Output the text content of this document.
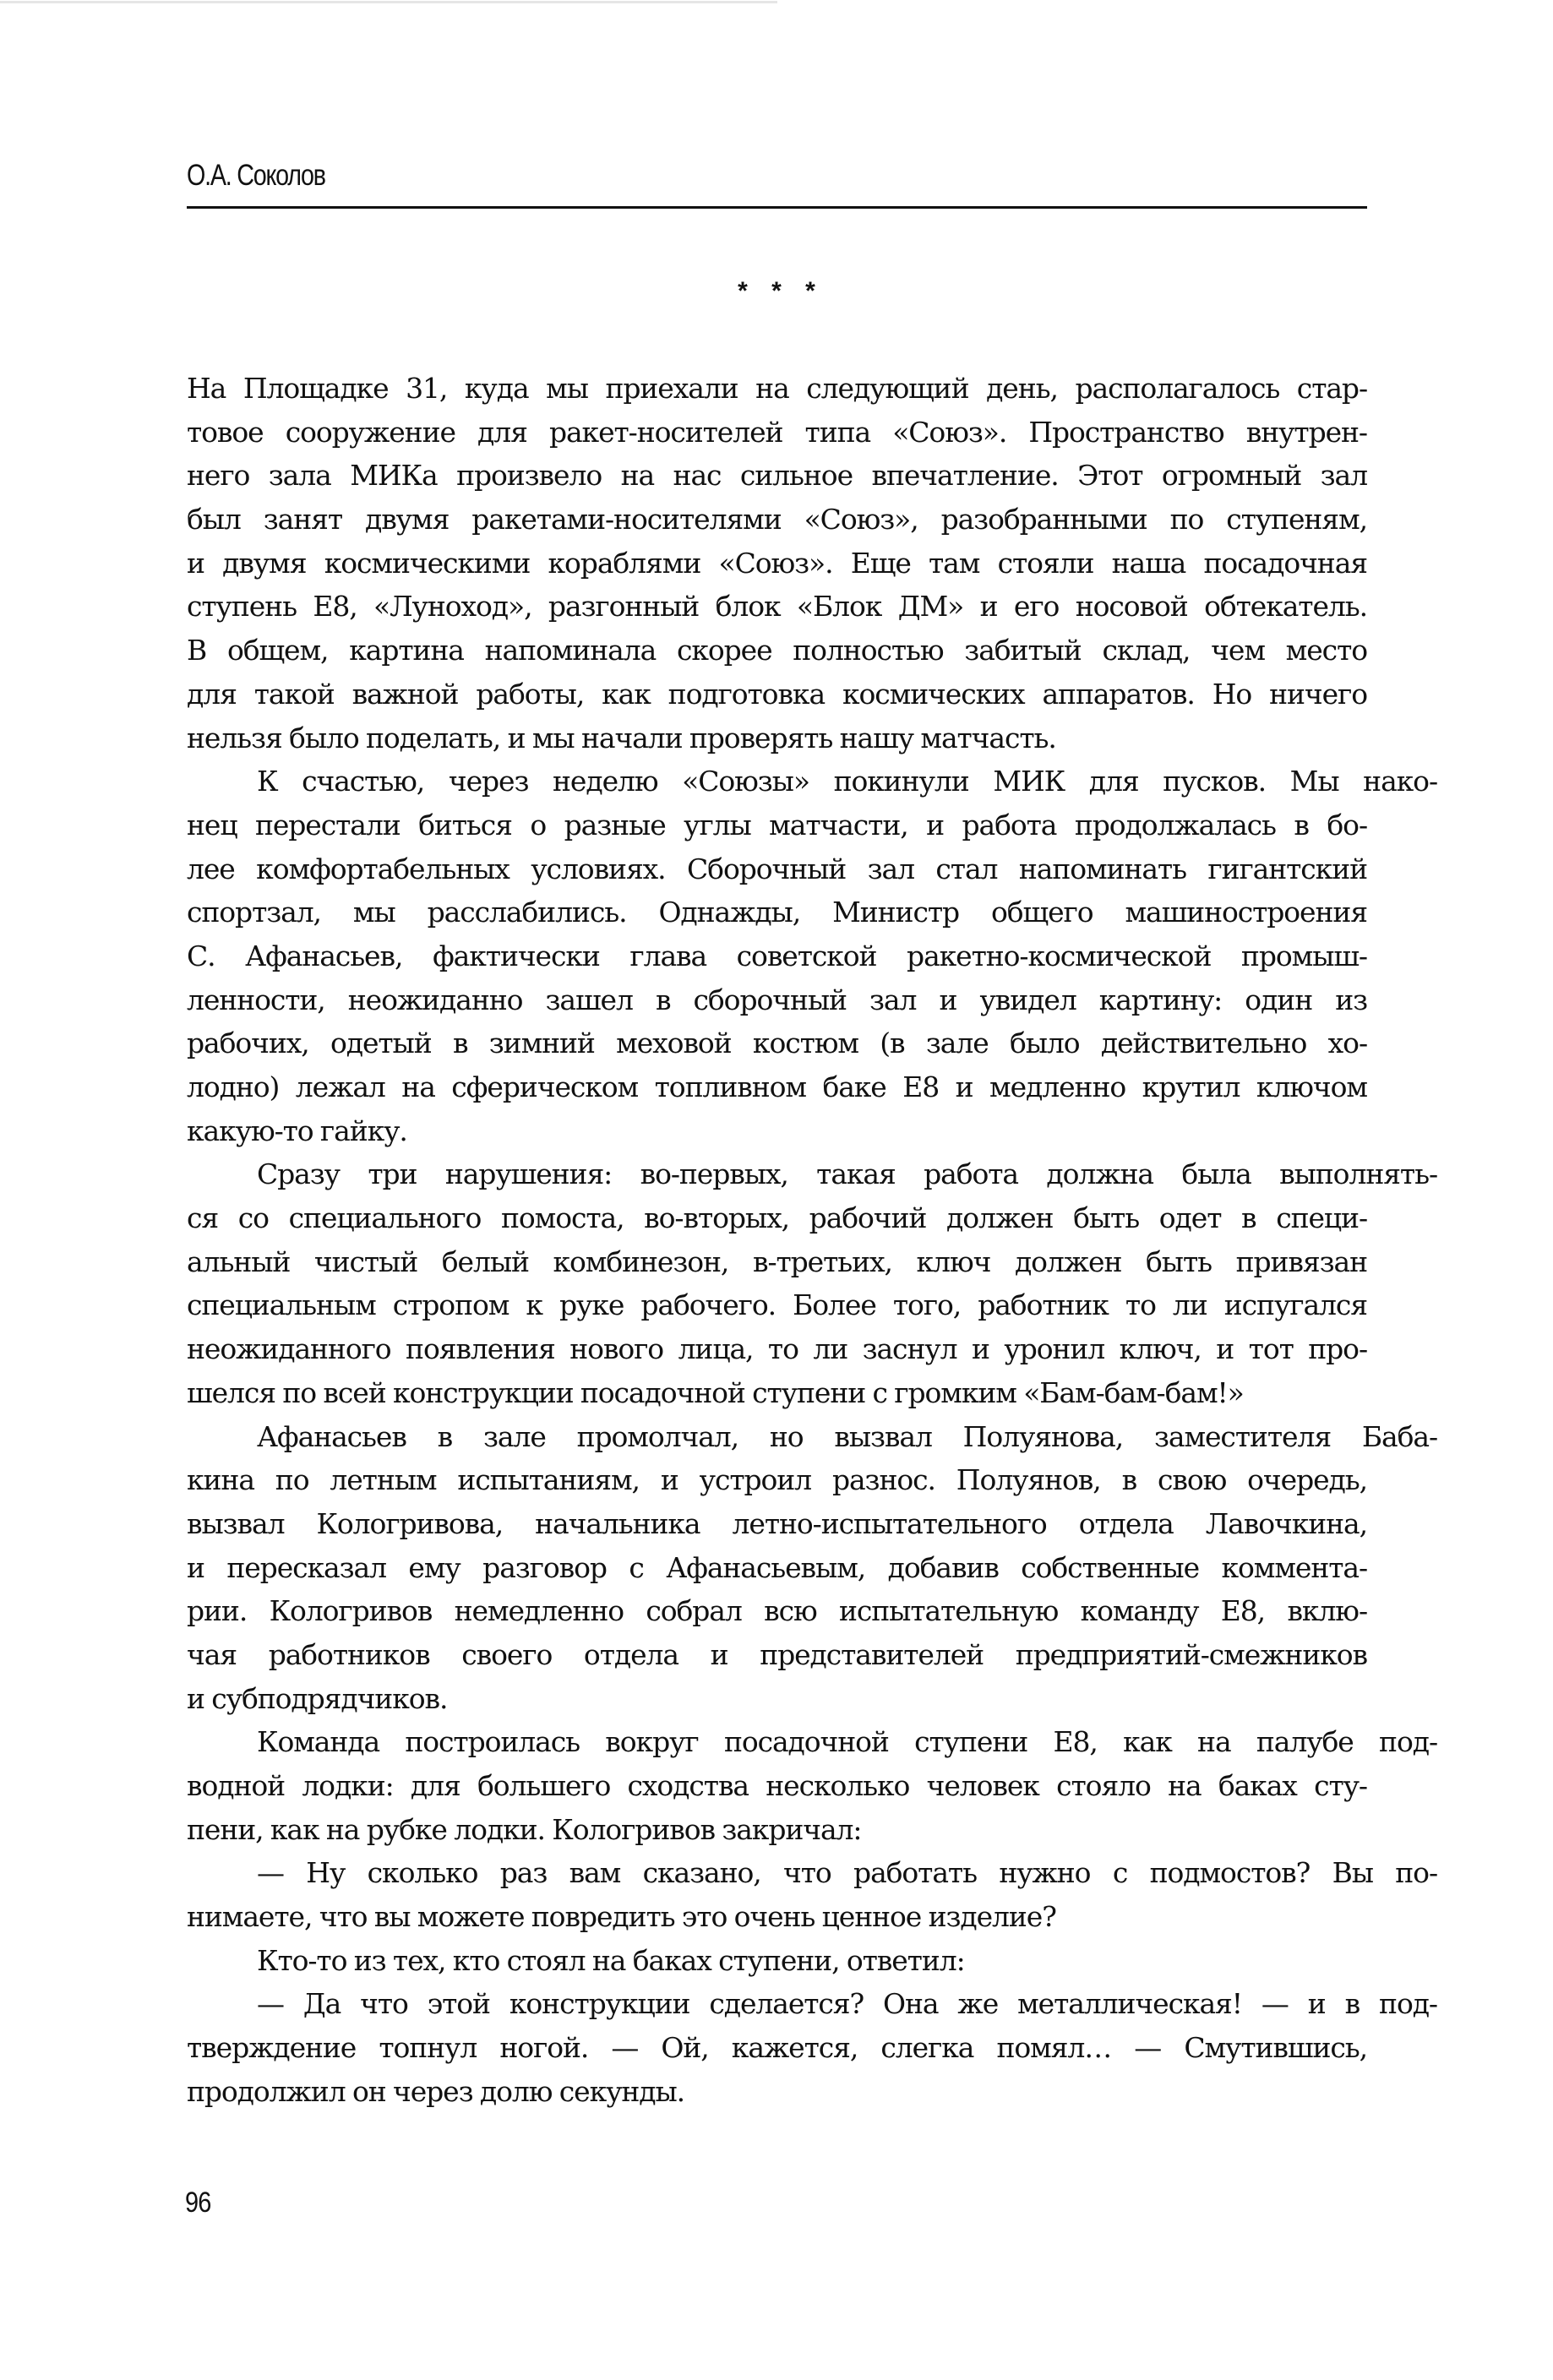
О.А. Соколов
* * *
На Площадке 31, куда мы приехали на следующий день, располагалось стар-
товое сооружение для ракет-носителей типа «Союз». Пространство внутрен-
него зала МИКа произвело на нас сильное впечатление. Этот огромный зал
был занят двумя ракетами-носителями «Союз», разобранными по ступеням,
и двумя космическими кораблями «Союз». Еще там стояли наша посадочная
ступень Е8, «Луноход», разгонный блок «Блок ДМ» и его носовой обтекатель.
В общем, картина напоминала скорее полностью забитый склад, чем место
для такой важной работы, как подготовка космических аппаратов. Но ничего
нельзя было поделать, и мы начали проверять нашу матчасть.
К счастью, через неделю «Союзы» покинули МИК для пусков. Мы нако-
нец перестали биться о разные углы матчасти, и работа продолжалась в бо-
лее комфортабельных условиях. Сборочный зал стал напоминать гигантский
спортзал, мы расслабились. Однажды, Министр общего машиностроения
С. Афанасьев, фактически глава советской ракетно-космической промыш-
ленности, неожиданно зашел в сборочный зал и увидел картину: один из
рабочих, одетый в зимний меховой костюм (в зале было действительно хо-
лодно) лежал на сферическом топливном баке Е8 и медленно крутил ключом
какую-то гайку.
Сразу три нарушения: во-первых, такая работа должна была выполнять-
ся со специального помоста, во-вторых, рабочий должен быть одет в специ-
альный чистый белый комбинезон, в-третьих, ключ должен быть привязан
специальным стропом к руке рабочего. Более того, работник то ли испугался
неожиданного появления нового лица, то ли заснул и уронил ключ, и тот про-
шелся по всей конструкции посадочной ступени с громким «Бам-бам-бам!»
Афанасьев в зале промолчал, но вызвал Полуянова, заместителя Баба-
кина по летным испытаниям, и устроил разнос. Полуянов, в свою очередь,
вызвал Кологривова, начальника летно-испытательного отдела Лавочкина,
и пересказал ему разговор с Афанасьевым, добавив собственные коммента-
рии. Кологривов немедленно собрал всю испытательную команду Е8, вклю-
чая работников своего отдела и представителей предприятий-смежников
и субподрядчиков.
Команда построилась вокруг посадочной ступени Е8, как на палубе под-
водной лодки: для большего сходства несколько человек стояло на баках сту-
пени, как на рубке лодки. Кологривов закричал:
— Ну сколько раз вам сказано, что работать нужно с подмостов? Вы по-
нимаете, что вы можете повредить это очень ценное изделие?
Кто-то из тех, кто стоял на баках ступени, ответил:
— Да что этой конструкции сделается? Она же металлическая! — и в под-
тверждение топнул ногой. — Ой, кажется, слегка помял… — Смутившись,
продолжил он через долю секунды.
96
